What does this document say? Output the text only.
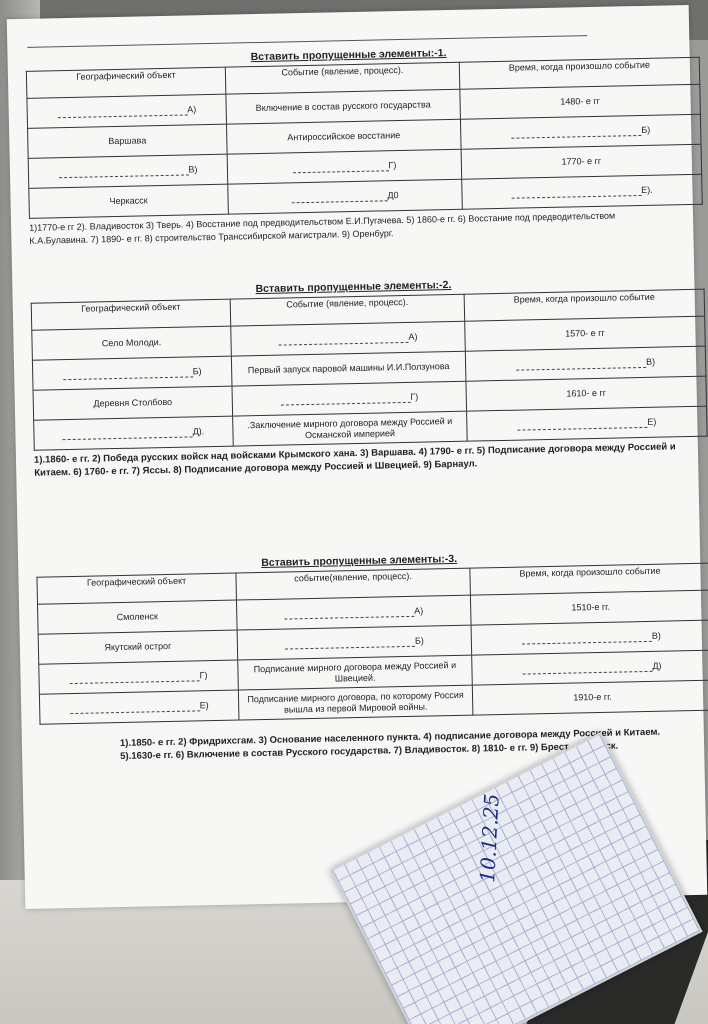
Вставить пропущенные элементы:-1.
Географический объект	Событие (явление, процесс).	Время, когда произошло событие
А)	Включение в состав русского государства	1480- е гг
Варшава	Антироссийское восстание	Б)
В)	Г)	1770- е гг
Черкасск	Д0	Е).
1)1770-е гг 2). Владивосток 3) Тверь. 4) Восстание под предводительством Е.И.Пугачева. 5) 1860-е гг. 6) Восстание под предводительством К.А.Булавина. 7) 1890- е гг. 8) строительство Транссибирской магистрали. 9) Оренбург.
Вставить пропущенные элементы:-2.
Географический объект	Событие (явление, процесс).	Время, когда произошло событие
Село Молоди.	А)	1570- е гг
Б)	Первый запуск паровой машины И.И.Ползунова	В)
Деревня Столбово	Г)	1610- е гг
Д).	.Заключение мирного договора между Россией и Османской империей	Е)
1).1860- е гг. 2) Победа русских войск над войсками Крымского хана. 3) Варшава. 4) 1790- е гг. 5) Подписание договора между Россией и Китаем. 6) 1760- е гг. 7) Яссы. 8) Подписание договора между Россией и Швецией. 9) Барнаул.
Вставить пропущенные элементы:-3.
Географический объект	событие(явление, процесс).	Время, когда произошло событие
Смоленск	А)	1510-е гг.
Якутский острог	Б)	В)
Г)	Подписание мирного договора между Россией и Швецией.	Д)
Е)	Подписание мирного договора, по которому Россия вышла из первой Мировой войны.	1910-е гг.
1).1850- е гг. 2) Фридрихсгам. 3) Основание населенного пункта. 4) подписание договора между Россией и Китаем. 5).1630-е гг. 6) Включение в состав Русского государства. 7) Владивосток. 8) 1810- е гг. 9) Брест - Литовск.
10.12.25
